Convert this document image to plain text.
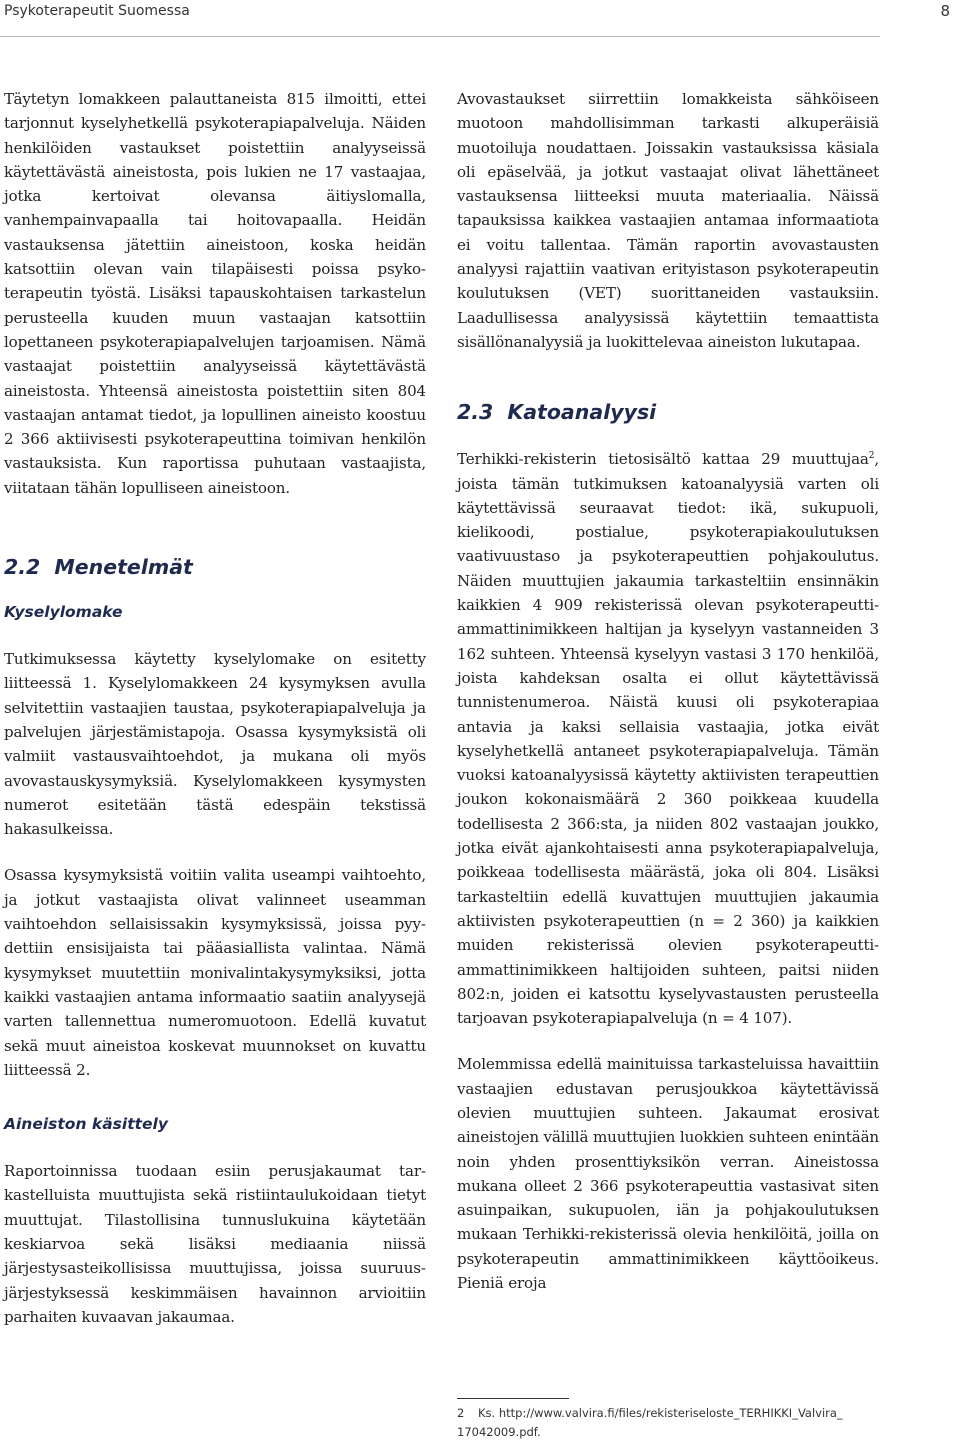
Psykoterapeutit Suomessa	8

Täytetyn lomakkeen palauttaneista 815 ilmoitti, ettei tarjonnut kyselyhetkellä psykoterapiapalveluja. Näiden henkilöiden vastaukset poistettiin analyyseissä käytettävästä aineistosta, pois lukien ne 17 vastaajaa, jotka kertoivat olevansa äitiyslomalla, vanhempainvapaalla tai hoitovapaalla. Heidän vastauksensa jätettiin aineistoon, koska heidän katsottiin olevan vain tilapäisesti poissa psykoterapeutin työstä. Lisäksi tapauskohtaisen tarkastelun perusteella kuuden muun vastaajan katsottiin lopettaneen psykoterapiapalvelujen tarjoamisen. Nämä vastaajat poistettiin analyyseissä käytettävästä aineistosta. Yhteensä aineistosta poistettiin siten 804 vastaajan antamat tiedot, ja lopullinen aineisto koostuu 2 366 aktiivisesti psykoterapeuttina toimivan henkilön vastauksista. Kun raportissa puhutaan vastaajista, viitataan tähän lopulliseen aineistoon.

2.2 Menetelmät
Kyselylomake

Tutkimuksessa käytetty kyselylomake on esitetty liitteessä 1. Kyselylomakkeen 24 kysymyksen avulla selvitettiin vastaajien taustaa, psykoterapiapalveluja ja palvelujen järjestämistapoja. Osassa kysymyksistä oli valmiit vastausvaihtoehdot, ja mukana oli myös avovastauskysymyksiä. Kyselylomakkeen kysymysten numerot esitetään tästä edespäin tekstissä hakasulkeissa.

Osassa kysymyksistä voitiin valita useampi vaihtoehto, ja jotkut vastaajista olivat valinneet useamman vaihtoehdon sellaisissakin kysymyksissä, joissa pyydettiin ensisijaista tai pääasiallista valintaa. Nämä kysymykset muutettiin monivalintakysymyksiksi, jotta kaikki vastaajien antama informaatio saatiin analyysejä varten tallennettua numeromuotoon. Edellä kuvatut sekä muut aineistoa koskevat muunnokset on kuvattu liitteessä 2.

Aineiston käsittely

Raportoinnissa tuodaan esiin perusjakaumat tarkastelluista muuttujista sekä ristiintaulukoidaan tietyt muuttujat. Tilastollisina tunnuslukuina käytetään keskiarvoa sekä lisäksi mediaania niissä järjestysasteikollisissa muuttujissa, joissa suuruusjärjestyksessä keskimmäisen havainnon arvioitiin parhaiten kuvaavan jakaumaa.

Avovastaukset siirrettiin lomakkeista sähköiseen muotoon mahdollisimman tarkasti alkuperäisiä muotoiluja noudattaen. Joissakin vastauksissa käsiala oli epäselvää, ja jotkut vastaajat olivat lähettäneet vastauksensa liitteeksi muuta materiaalia. Näissä tapauksissa kaikkea vastaajien antamaa informaatiota ei voitu tallentaa. Tämän raportin avovastausten analyysi rajattiin vaativan erityistason psykoterapeutin koulutuksen (VET) suorittaneiden vastauksiin. Laadullisessa analyysissä käytettiin temaattista sisällönanalyysiä ja luokittelevaa aineiston lukutapaa.

2.3 Katoanalyysi

Terhikki-rekisterin tietosisältö kattaa 29 muuttujaa$^2$, joista tämän tutkimuksen katoanalyysiä varten oli käytettävissä seuraavat tiedot: ikä, sukupuoli, kielikoodi, postialue, psykoterapiakoulutuksen vaativuustaso ja psykoterapeuttien pohjakoulutus. Näiden muuttujien jakaumia tarkasteltiin ensinnäkin kaikkien 4 909 rekisterissä olevan psykoterapeutti-ammattinimikkeen haltijan ja kyselyyn vastanneiden 3 162 suhteen. Yhteensä kyselyyn vastasi 3 170 henkilöä, joista kahdeksan osalta ei ollut käytettävissä tunnistenumeroa. Näistä kuusi oli psykoterapiaa antavia ja kaksi sellaisia vastaajia, jotka eivät kyselyhetkellä antaneet psykoterapiapalveluja. Tämän vuoksi katoanalyysissä käytetty aktiivisten terapeuttien joukon kokonaismäärä 2 360 poikkeaa kuudella todellisesta 2 366:sta, ja niiden 802 vastaajan joukko, jotka eivät ajankohtaisesti anna psykoterapiapalveluja, poikkeaa todellisesta määrästä, joka oli 804. Lisäksi tarkasteltiin edellä kuvattujen muuttujien jakaumia aktiivisten psykoterapeuttien (n = 2 360) ja kaikkien muiden rekisterissä olevien psykoterapeutti-ammattinimikkeen haltijoiden suhteen, paitsi niiden 802:n, joiden ei katsottu kyselyvastausten perusteella tarjoavan psykoterapiapalveluja (n = 4 107).

Molemmissa edellä mainituissa tarkasteluissa havaittiin vastaajien edustavan perusjoukkoa käytettävissä olevien muuttujien suhteen. Jakaumat erosivat aineistojen välillä muuttujien luokkien suhteen enintään noin yhden prosenttiyksikön verran. Aineistossa mukana olleet 2 366 psykoterapeuttia vastasivat siten asuinpaikan, sukupuolen, iän ja pohjakoulutuksen mukaan Terhikki-rekisterissä olevia henkilöitä, joilla on psykoterapeutin ammattinimikkeen käyttöoikeus. Pieniä eroja

2 Ks. http://www.valvira.fi/files/rekisteriseloste_TERHIKKI_Valvira_ 17042009.pdf.
